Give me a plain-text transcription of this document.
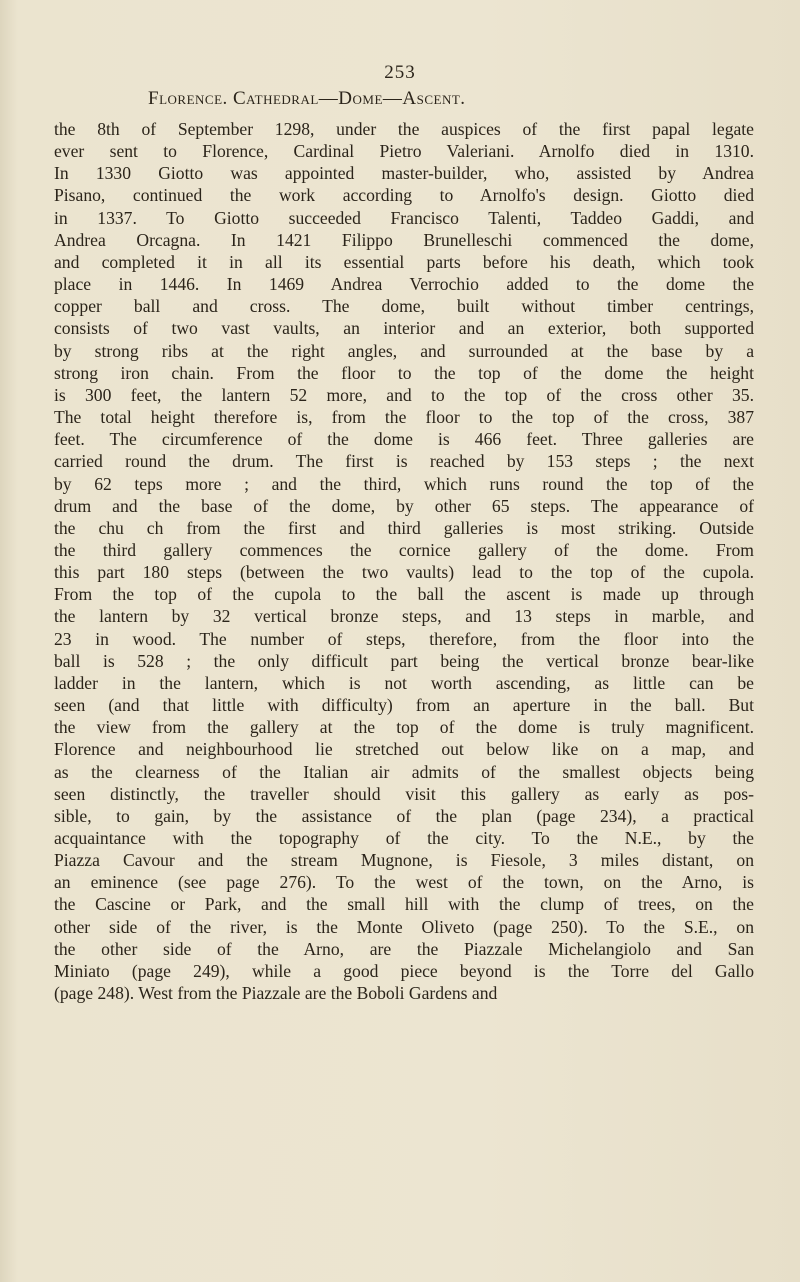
253
Florence. Cathedral—Dome—Ascent.
the 8th of September 1298, under the auspices of the first papal legate
ever sent to Florence, Cardinal Pietro Valeriani. Arnolfo died in 1310.
In 1330 Giotto was appointed master-builder, who, assisted by Andrea
Pisano, continued the work according to Arnolfo's design. Giotto died
in 1337. To Giotto succeeded Francisco Talenti, Taddeo Gaddi, and
Andrea Orcagna. In 1421 Filippo Brunelleschi commenced the dome,
and completed it in all its essential parts before his death, which took
place in 1446. In 1469 Andrea Verrochio added to the dome the
copper ball and cross. The dome, built without timber centrings,
consists of two vast vaults, an interior and an exterior, both supported
by strong ribs at the right angles, and surrounded at the base by a
strong iron chain. From the floor to the top of the dome the height
is 300 feet, the lantern 52 more, and to the top of the cross other 35.
The total height therefore is, from the floor to the top of the cross, 387
feet. The circumference of the dome is 466 feet. Three galleries are
carried round the drum. The first is reached by 153 steps ; the next
by 62 teps more ; and the third, which runs round the top of the
drum and the base of the dome, by other 65 steps. The appearance of
the chu ch from the first and third galleries is most striking. Outside
the third gallery commences the cornice gallery of the dome. From
this part 180 steps (between the two vaults) lead to the top of the cupola.
From the top of the cupola to the ball the ascent is made up through
the lantern by 32 vertical bronze steps, and 13 steps in marble, and
23 in wood. The number of steps, therefore, from the floor into the
ball is 528 ; the only difficult part being the vertical bronze bear-like
ladder in the lantern, which is not worth ascending, as little can be
seen (and that little with difficulty) from an aperture in the ball. But
the view from the gallery at the top of the dome is truly magnificent.
Florence and neighbourhood lie stretched out below like on a map, and
as the clearness of the Italian air admits of the smallest objects being
seen distinctly, the traveller should visit this gallery as early as pos-
sible, to gain, by the assistance of the plan (page 234), a practical
acquaintance with the topography of the city. To the N.E., by the
Piazza Cavour and the stream Mugnone, is Fiesole, 3 miles distant, on
an eminence (see page 276). To the west of the town, on the Arno, is
the Cascine or Park, and the small hill with the clump of trees, on the
other side of the river, is the Monte Oliveto (page 250). To the S.E., on
the other side of the Arno, are the Piazzale Michelangiolo and San
Miniato (page 249), while a good piece beyond is the Torre del Gallo
(page 248). West from the Piazzale are the Boboli Gardens and
